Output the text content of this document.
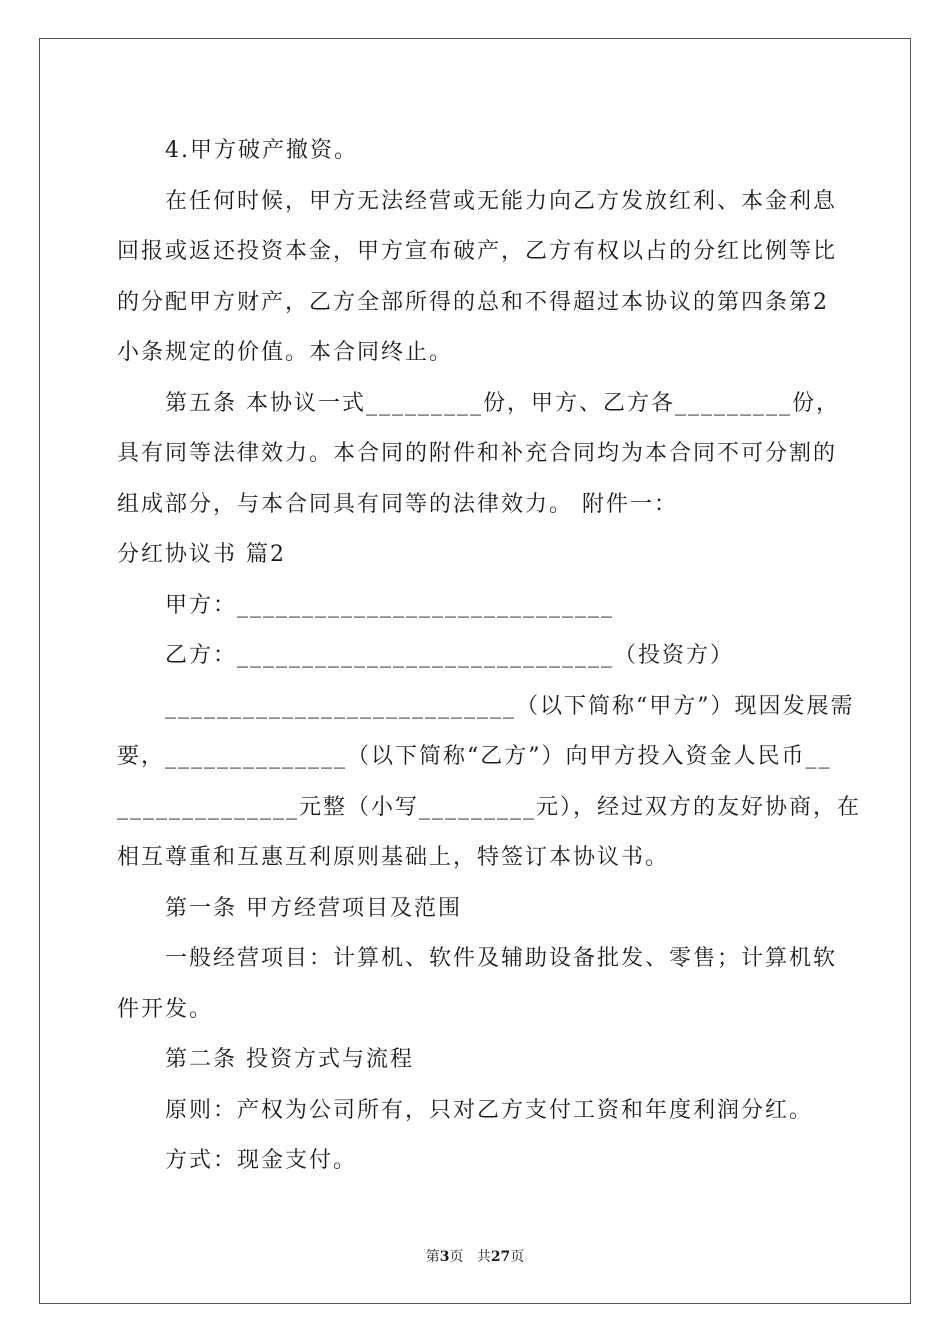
4.甲方破产撤资。
在任何时候，甲方无法经营或无能力向乙方发放红利、本金利息
回报或返还投资本金，甲方宣布破产，乙方有权以占的分红比例等比
的分配甲方财产，乙方全部所得的总和不得超过本协议的第四条第2
小条规定的价值。本合同终止。
第五条 本协议一式_________份，甲方、乙方各_________份，
具有同等法律效力。本合同的附件和补充合同均为本合同不可分割的
组成部分，与本合同具有同等的法律效力。 附件一：
分红协议书 篇2
甲方：_____________________________
乙方：_____________________________（投资方）
___________________________（以下简称“甲方”）现因发展需
要，______________（以下简称“乙方”）向甲方投入资金人民币__
______________元整（小写_________元），经过双方的友好协商，在
相互尊重和互惠互利原则基础上，特签订本协议书。
第一条 甲方经营项目及范围
一般经营项目：计算机、软件及辅助设备批发、零售；计算机软
件开发。
第二条 投资方式与流程
原则：产权为公司所有，只对乙方支付工资和年度利润分红。
方式：现金支付。
第3页 共27页
